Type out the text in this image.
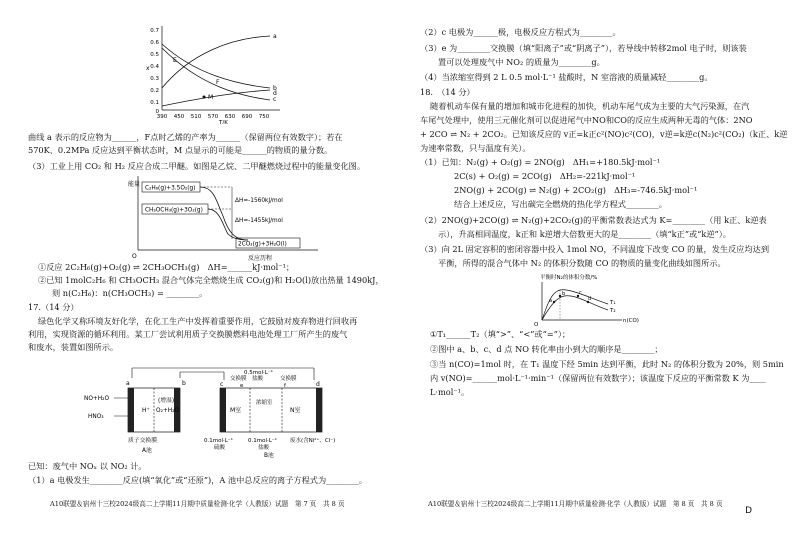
0.7
0.6
0.5
0.4
0.3
0.2
0.1
0
x
390 450 510 570 630 690 750
T/K
a
b
c
d
E
F
M
曲线 a 表示的反应物为______，F点时乙烯的产率为______（保留两位有效数字）；若在
570K、0.2MPa 反应达到平衡状态时，M 点显示的可能是______的物质的量分数。
（3）工业上用 CO₂ 和 H₂ 反应合成二甲醚。如图是乙烷、二甲醚燃烧过程中的能量变化图。
能量
O	反应历程
C₂H₆(g)+3.5O₂(g)
CH₃OCH₃(g)+3O₂(g)
ΔH=-1560kJ/mol
ΔH=-1455kJ/mol
2CO₂(g)+3H₂O(l)
①反应 2C₂H₆(g)+O₂(g) ⇌ 2CH₃OCH₃(g)　ΔH=______kJ·mol⁻¹；
②已知 1molC₂H₆ 和 CH₃OCH₃ 混合气体完全燃烧生成 CO₂(g)和 H₂O(l)放出热量 1490kJ，
则 n(C₂H₆)：n(CH₃OCH₃) = ________。
17.（14 分）
绿色化学又称环境友好化学，在化工生产中发挥着重要作用，它鼓励对废弃物进行回收再
利用，实现资源的循环利用。某工厂尝试利用质子交换膜燃料电池处理工厂所产生的废气
和废水，装置如图所示。
a	b	c	d
H⁺
NO+H₂O
HNO₃
(增湿)
O₂+H₂O
质子交换膜
A池
0.5mol·L⁻¹
盐酸
交换膜	交换膜
e	f
M室
浓缩室
N室
0.1mol·L⁻¹
硫酸
0.1mol·L⁻¹
盐酸
废水(含Ni²⁺、Cl⁻)
B池
已知：废气中 NOₓ 以 NO₂ 计。
（1）a 电极发生________反应(填“氧化”或“还原”)，A 池中总反应的离子方程式为________。
A10联盟＆宿州十三校2024级高二上学期11月期中质量检测·化学（人教版）试题　第 7 页　共 8 页
（2）c 电极为______极，电极反应方程式为________。
（3）e 为________交换膜（填“阳离子”或“阴离子”），若导线中转移2mol 电子时，则该装
置可以处理废气中 NO₂ 的质量为________g。
（4）当浓缩室得到 2 L 0.5 mol·L⁻¹ 盐酸时，N 室溶液的质量减轻________g。
18.　（14 分）
随着机动车保有量的增加和城市化进程的加快，机动车尾气成为主要的大气污染源，在汽
车尾气处理中，使用三元催化剂可以促进尾气中NO和CO的反应生成两种无毒的气体：2NO
+ 2CO ⇌ N₂ + 2CO₂。已知该反应的 v正=k正c²(NO)c²(CO)，v逆=k逆c(N₂)c²(CO₂)（k正、k逆
为速率常数，只与温度有关）。
（1）已知：N₂(g) + O₂(g) = 2NO(g)　ΔH₁=+180.5kJ·mol⁻¹
2C(s) + O₂(g) = 2CO(g)　ΔH₂=-221kJ·mol⁻¹
2NO(g) + 2CO(g) ⇌ N₂(g) + 2CO₂(g)　ΔH₃=-746.5kJ·mol⁻¹
结合上述反应，写出碳完全燃烧的热化学方程式________。
（2）2NO(g)+2CO(g) ⇌ N₂(g)+2CO₂(g)的平衡常数表达式为 K=________（用 k正、k逆表
示），升高相同温度，k正和 k逆增大倍数更大的是________（填“k正”或“k逆”）。
（3）向 2L 固定容积的密闭容器中投入 1mol NO，不同温度下改变 CO 的量，发生反应均达到
平衡，所得的混合气体中 N₂ 的体积分数随 CO 的物质的量变化曲线如图所示。
平衡时N₂的体积分数/%
n(CO)
O
a
b	c
d
T₁
T₂
①T₁______T₂（填“>”、“<”或“=”）；
②图中 a、b、c、d 点 NO 转化率由小到大的顺序是________；
③当 n(CO)=1mol 时，在 T₁ 温度下经 5min 达到平衡，此时 N₂ 的体积分数为 20%，则 5min
内 v(NO)=______mol·L⁻¹·min⁻¹（保留两位有效数字）；该温度下反应的平衡常数 K 为____
L·mol⁻¹。
A10联盟＆宿州十三校2024级高二上学期11月期中质量检测·化学（人教版）试题　第 8 页　共 8 页
D
